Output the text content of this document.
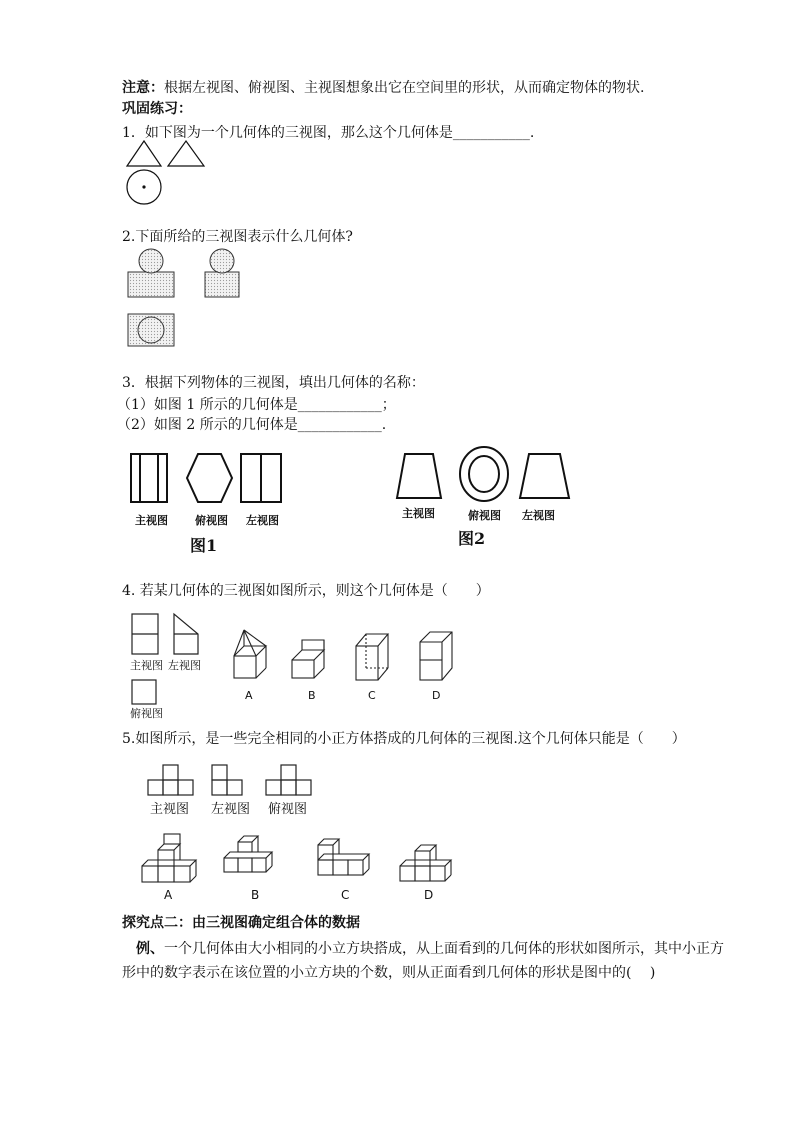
注意：根据左视图、俯视图、主视图想象出它在空间里的形状，从而确定物体的物状.
巩固练习：
1．如下图为一个几何体的三视图，那么这个几何体是___________.
2.下面所给的三视图表示什么几何体?
3．根据下列物体的三视图，填出几何体的名称：
（1）如图 1 所示的几何体是____________；
（2）如图 2 所示的几何体是____________.
主视图 俯视图 左视图
图1
主视图	俯视图 左视图
图2
4. 若某几何体的三视图如图所示，则这个几何体是（　　）
主视图 左视图
俯视图
A	B	C	D
5.如图所示，是一些完全相同的小正方体搭成的几何体的三视图.这个几何体只能是（　　）
主视图 左视图 俯视图
A	B	C	D
探究点二：由三视图确定组合体的数据
例、一个几何体由大小相同的小立方块搭成，从上面看到的几何体的形状如图所示，其中小正方
形中的数字表示在该位置的小立方块的个数，则从正面看到几何体的形状是图中的(　 )
